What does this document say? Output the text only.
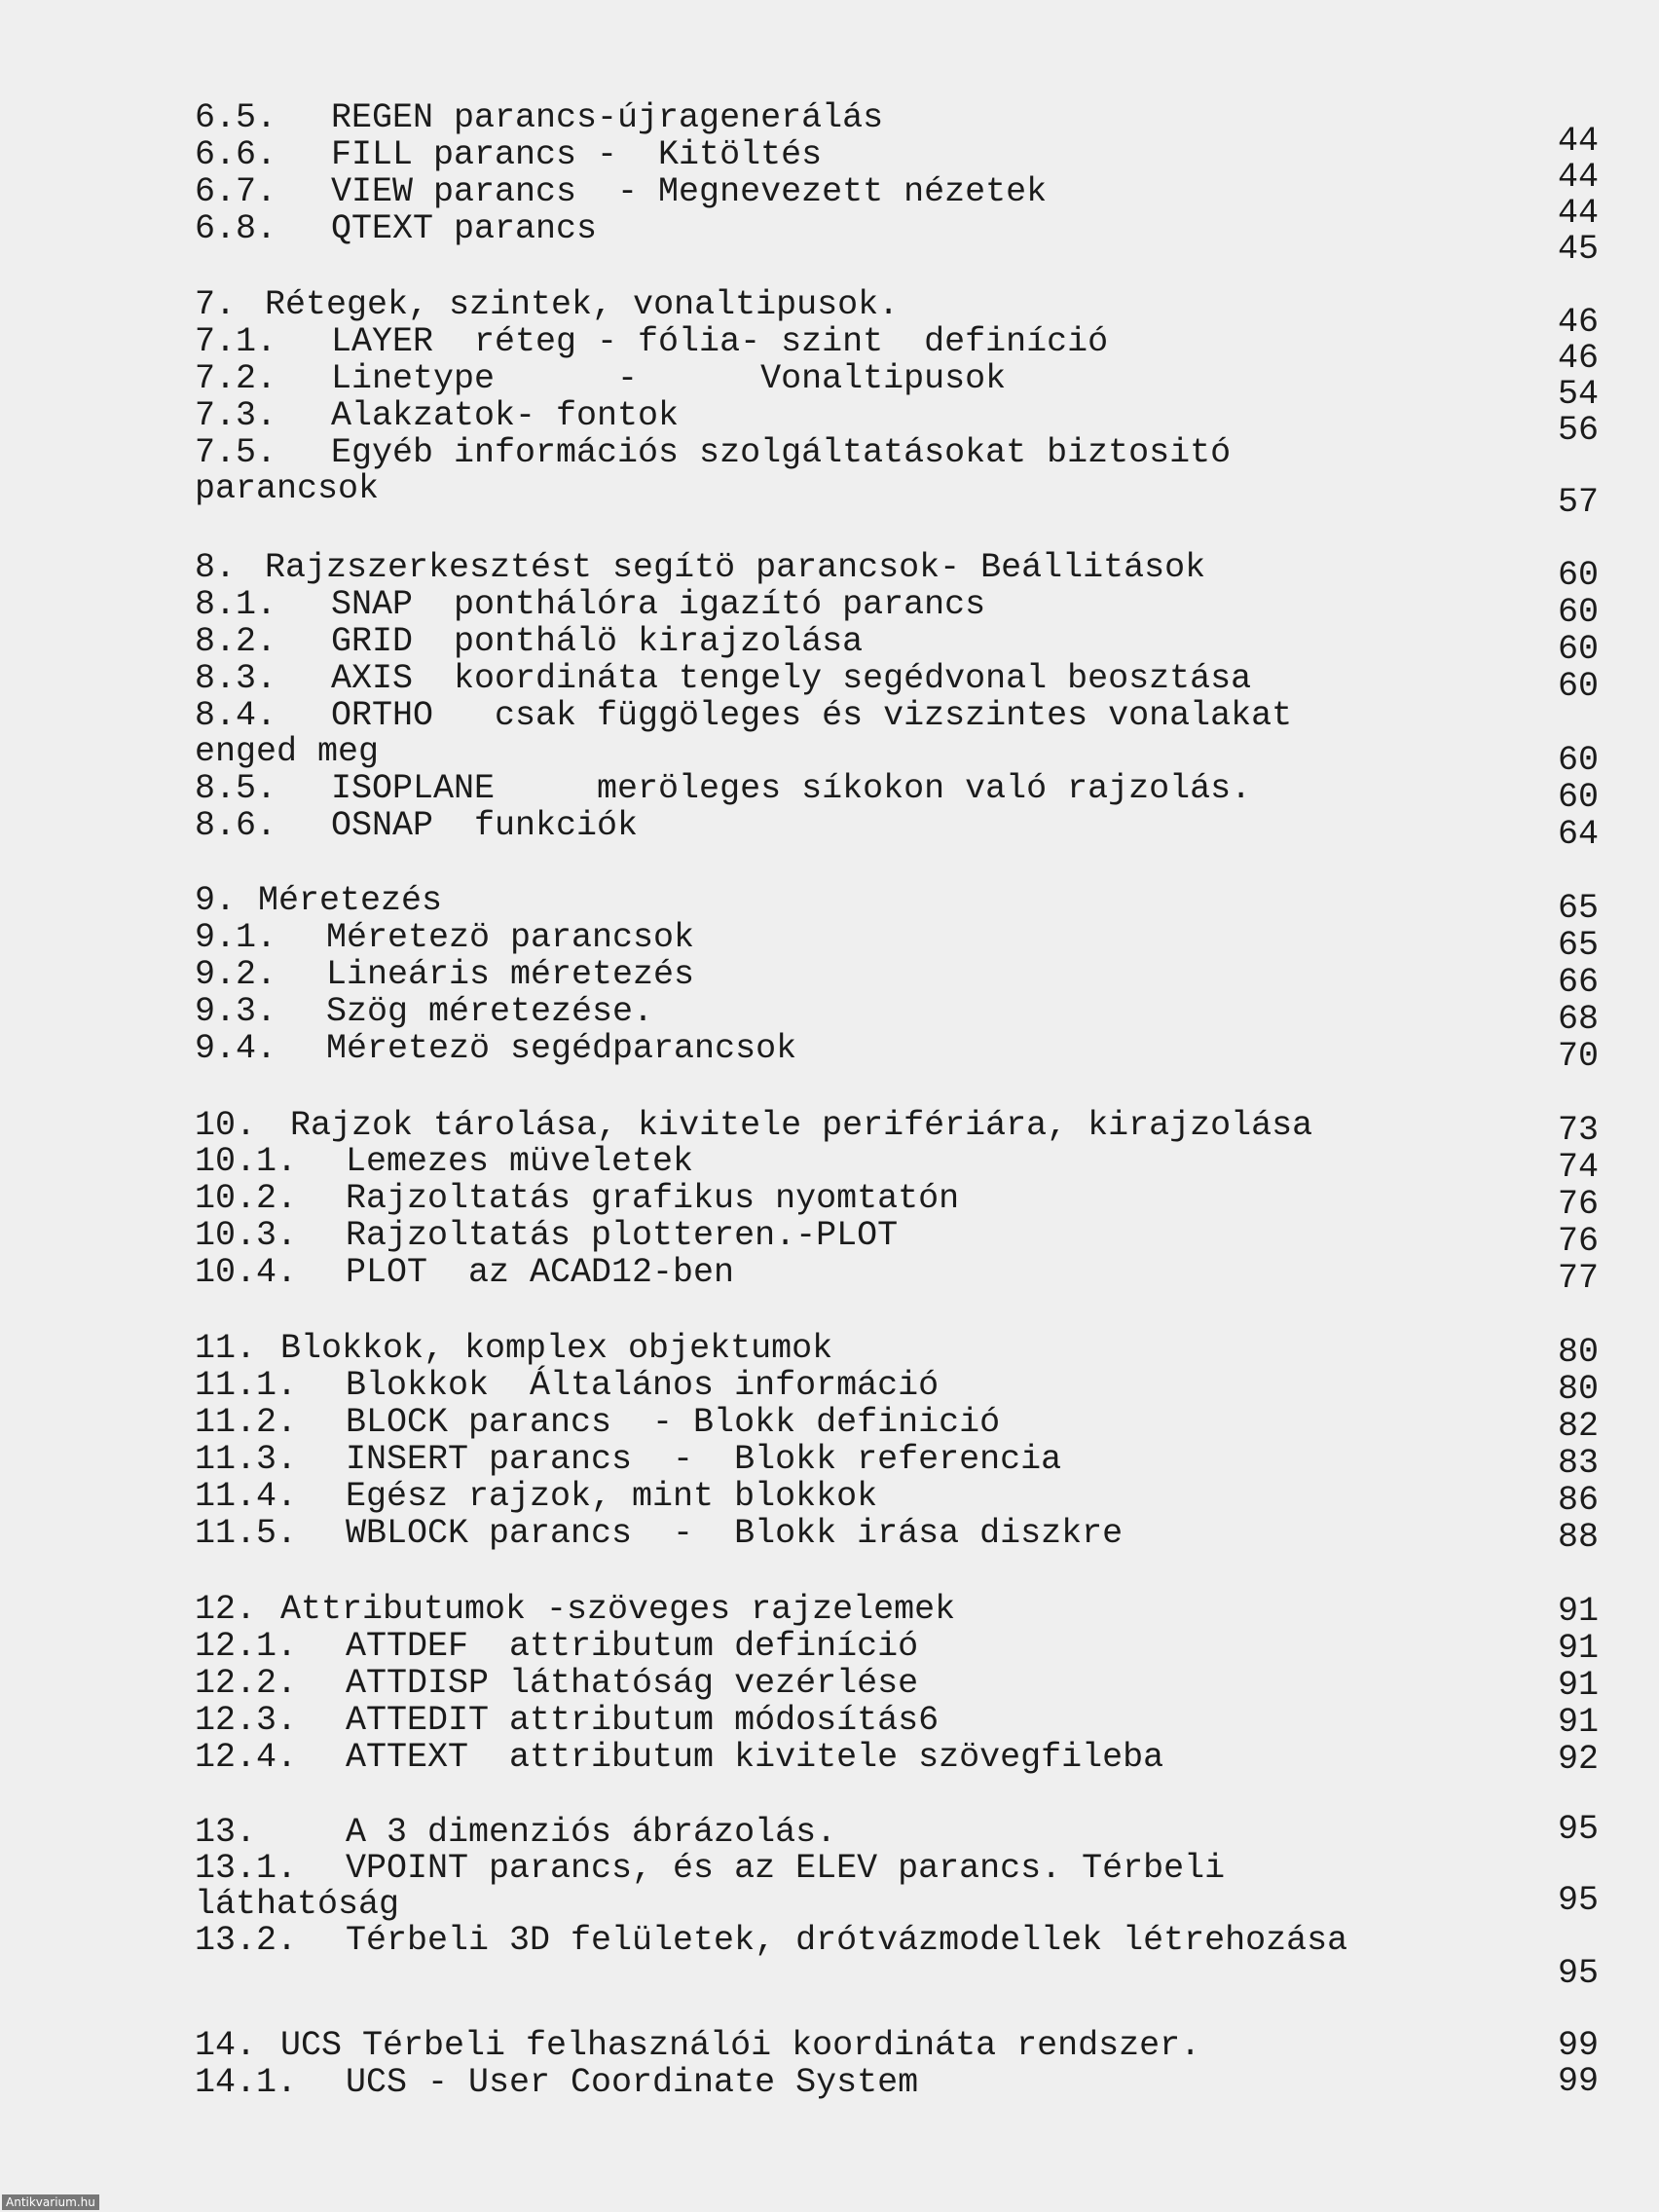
6.5. REGEN parancs-újragenerálás
6.6. FILL parancs -  Kitöltés
6.7. VIEW parancs  - Megnevezett nézetek
6.8. QTEXT parancs
7. Rétegek, szintek, vonaltipusok.
7.1. LAYER  réteg - fólia- szint  definíció
7.2. Linetype      -      Vonaltipusok
7.3. Alakzatok- fontok
7.5. Egyéb információs szolgáltatásokat biztositó
parancsok
8. Rajzszerkesztést segítö parancsok- Beállitások
8.1. SNAP  ponthálóra igazító parancs
8.2. GRID  ponthálö kirajzolása
8.3. AXIS  koordináta tengely segédvonal beosztása
8.4. ORTHO   csak függöleges és vizszintes vonalakat
enged meg
8.5. ISOPLANE     meröleges síkokon való rajzolás.
8.6. OSNAP  funkciók
9. Méretezés
9.1. Méretezö parancsok
9.2. Lineáris méretezés
9.3. Szög méretezése.
9.4. Méretezö segédparancsok
10. Rajzok tárolása, kivitele perifériára, kirajzolása
10.1. Lemezes müveletek
10.2. Rajzoltatás grafikus nyomtatón
10.3. Rajzoltatás plotteren.-PLOT
10.4. PLOT  az ACAD12-ben
11. Blokkok, komplex objektumok
11.1. Blokkok  Általános információ
11.2. BLOCK parancs  - Blokk definició
11.3. INSERT parancs  -  Blokk referencia
11.4. Egész rajzok, mint blokkok
11.5. WBLOCK parancs  -  Blokk irása diszkre
12. Attributumok -szöveges rajzelemek
12.1. ATTDEF  attributum definíció
12.2. ATTDISP láthatóság vezérlése
12.3. ATTEDIT attributum módosítás6
12.4. ATTEXT  attributum kivitele szövegfileba
13.	A 3 dimenziós ábrázolás.
13.1. VPOINT parancs, és az ELEV parancs. Térbeli
láthatóság
13.2. Térbeli 3D felületek, drótvázmodellek létrehozása
14. UCS Térbeli felhasználói koordináta rendszer.
14.1. UCS - User Coordinate System
44
44
44
45
46
46
54
56
57
60
60
60
60
60
60
64
65
65
66
68
70
73
74
76
76
77
80
80
82
83
86
88
91
91
91
91
92
95
95
95
99
99
Antikvarium.hu
